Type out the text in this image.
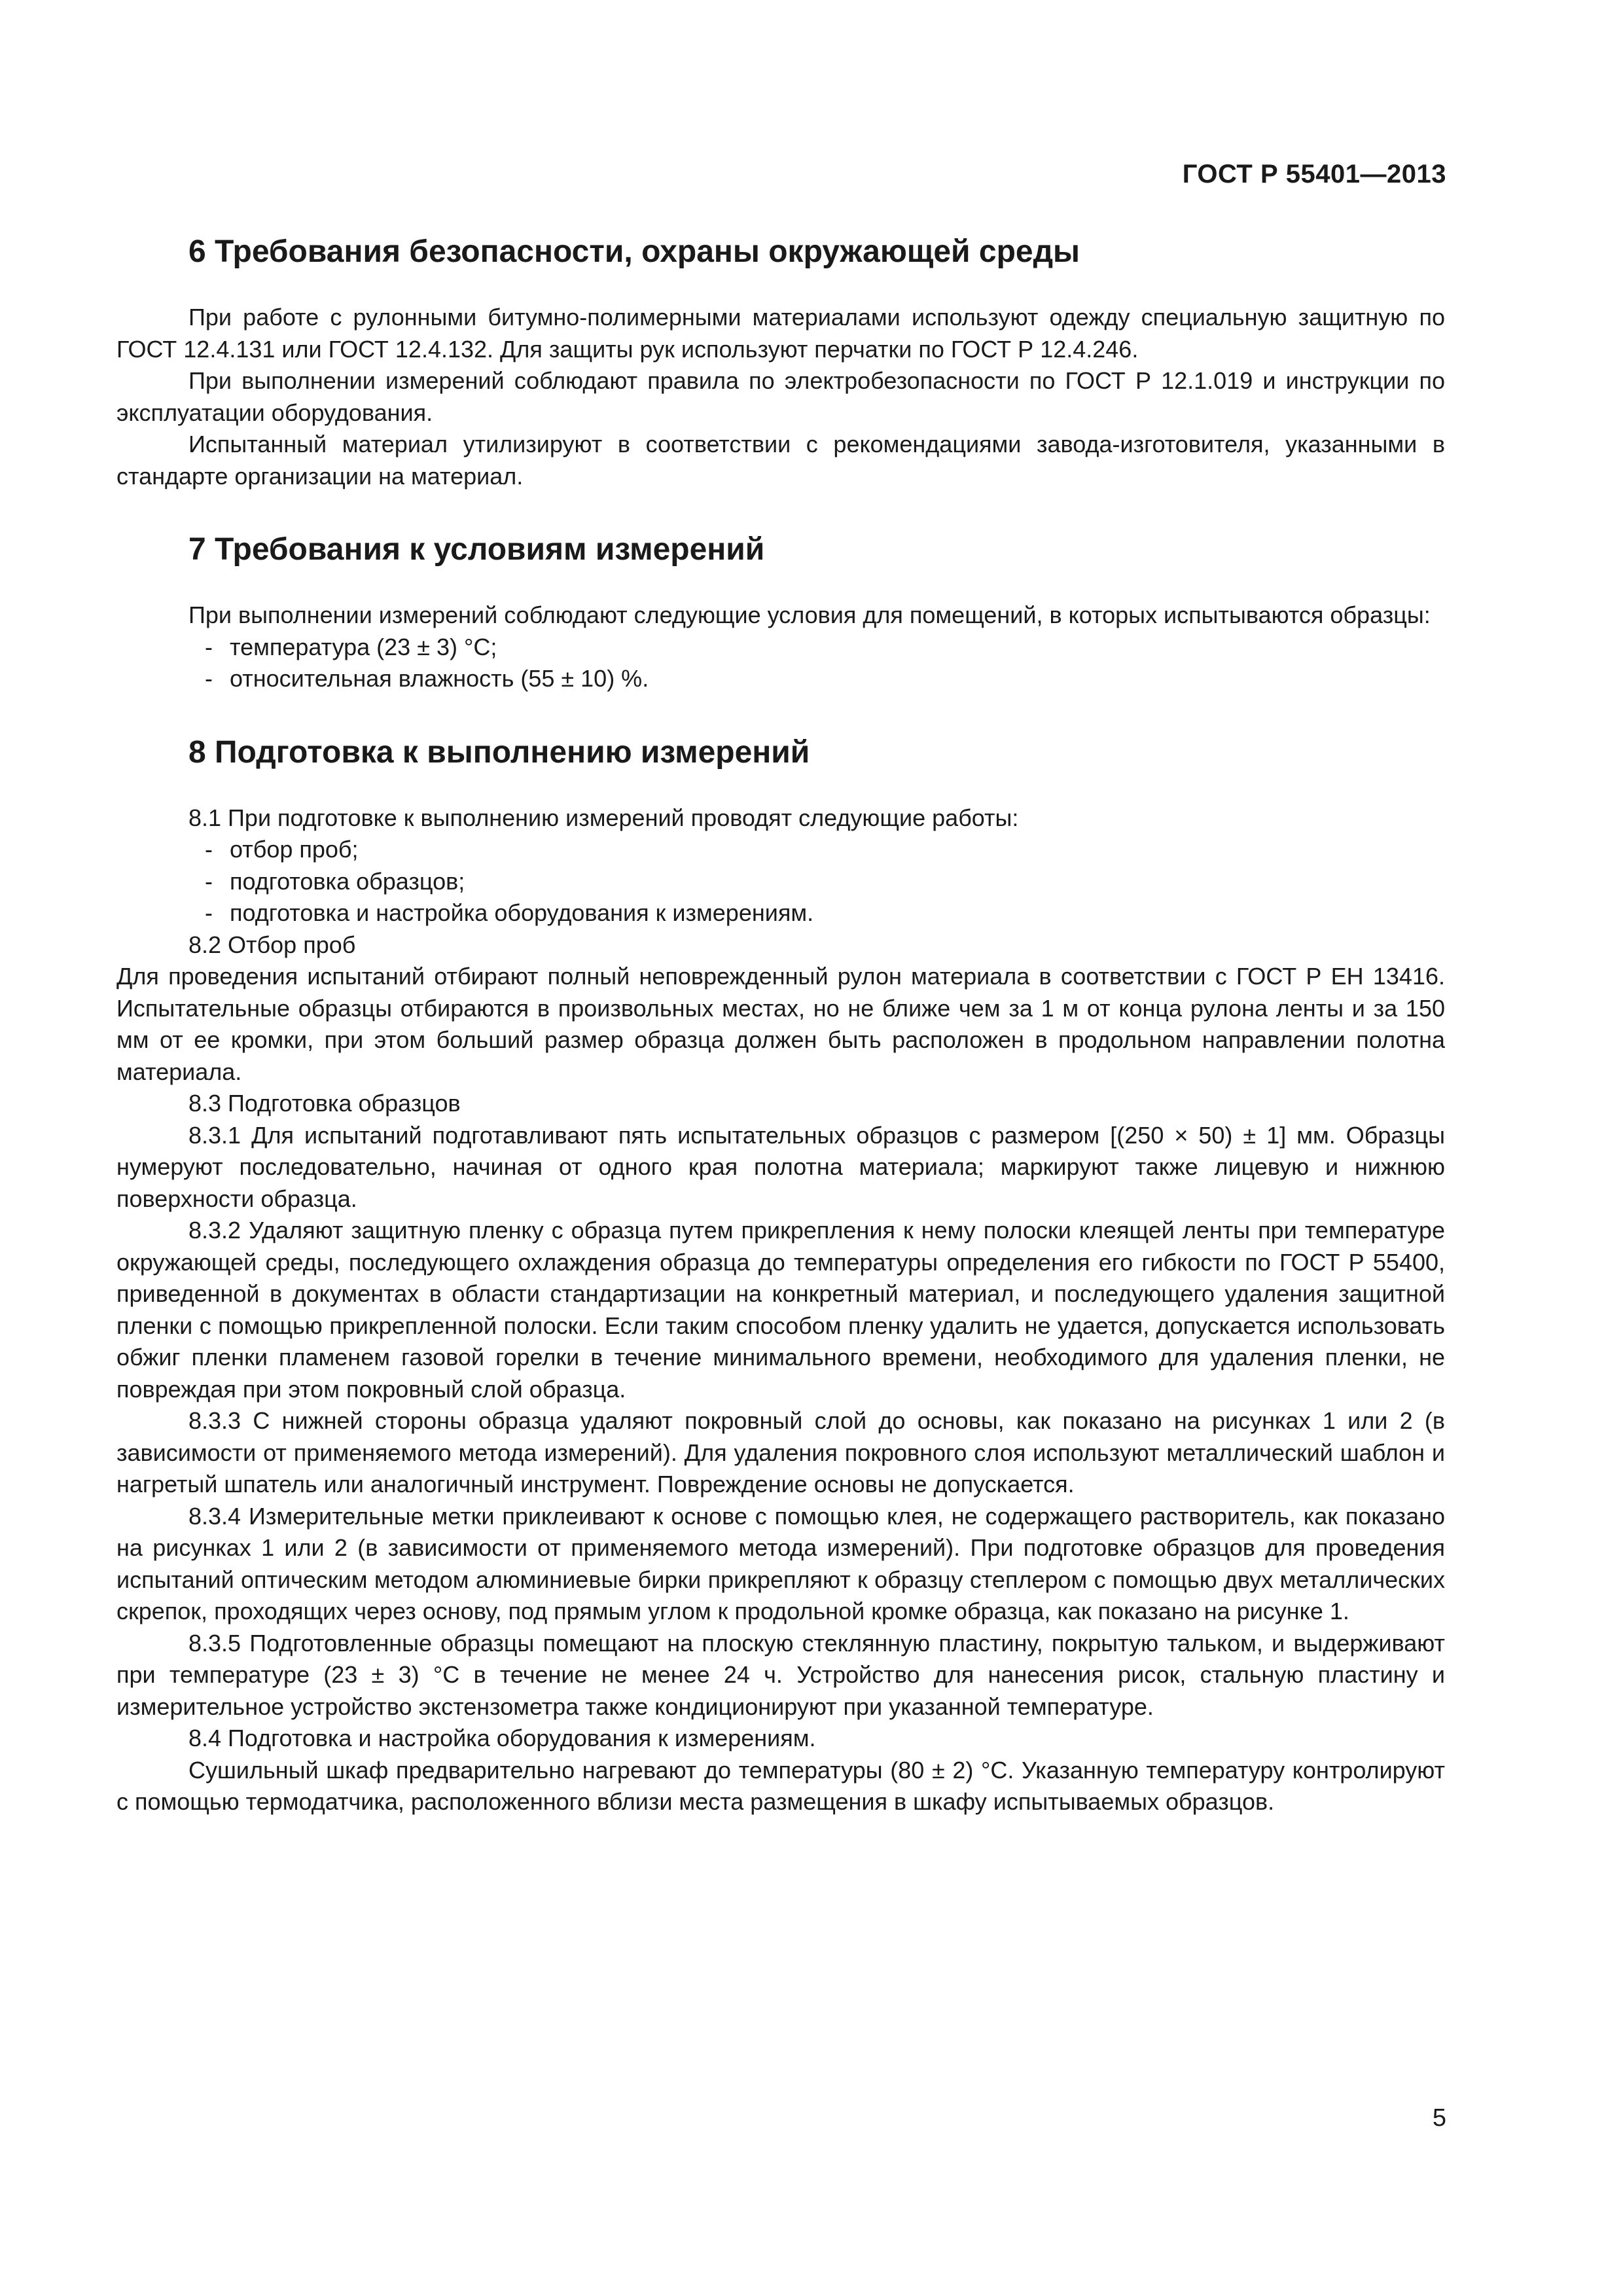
ГОСТ Р 55401—2013
6 Требования безопасности, охраны окружающей среды

При работе с рулонными битумно-полимерными материалами используют одежду специальную защитную по ГОСТ 12.4.131 или ГОСТ 12.4.132. Для защиты рук используют перчатки по ГОСТ Р 12.4.246.

При выполнении измерений соблюдают правила по электробезопасности по ГОСТ Р 12.1.019 и инструкции по эксплуатации оборудования.

Испытанный материал утилизируют в соответствии с рекомендациями завода-изготовителя, указанными в стандарте организации на материал.

7 Требования к условиям измерений

При выполнении измерений соблюдают следующие условия для помещений, в которых испытываются образцы:

- температура (23 ± 3) °С;

- относительная влажность (55 ± 10) %.

8 Подготовка к выполнению измерений

8.1 При подготовке к выполнению измерений проводят следующие работы:

- отбор проб;

- подготовка образцов;

- подготовка и настройка оборудования к измерениям.

8.2 Отбор проб

Для проведения испытаний отбирают полный неповрежденный рулон материала в соответствии с ГОСТ Р ЕН 13416. Испытательные образцы отбираются в произвольных местах, но не ближе чем за 1 м от конца рулона ленты и за 150 мм от ее кромки, при этом больший размер образца должен быть расположен в продольном направлении полотна материала.

8.3 Подготовка образцов

8.3.1 Для испытаний подготавливают пять испытательных образцов с размером [(250 × 50) ± 1] мм. Образцы нумеруют последовательно, начиная от одного края полотна материала; маркируют также лицевую и нижнюю поверхности образца.

8.3.2 Удаляют защитную пленку с образца путем прикрепления к нему полоски клеящей ленты при температуре окружающей среды, последующего охлаждения образца до температуры определения его гибкости по ГОСТ Р 55400, приведенной в документах в области стандартизации на конкретный материал, и последующего удаления защитной пленки с помощью прикрепленной полоски. Если таким способом пленку удалить не удается, допускается использовать обжиг пленки пламенем газовой горелки в течение минимального времени, необходимого для удаления пленки, не повреждая при этом покровный слой образца.

8.3.3 С нижней стороны образца удаляют покровный слой до основы, как показано на рисунках 1 или 2 (в зависимости от применяемого метода измерений). Для удаления покровного слоя используют металлический шаблон и нагретый шпатель или аналогичный инструмент. Повреждение основы не допускается.

8.3.4 Измерительные метки приклеивают к основе с помощью клея, не содержащего растворитель, как показано на рисунках 1 или 2 (в зависимости от применяемого метода измерений). При подготовке образцов для проведения испытаний оптическим методом алюминиевые бирки прикрепляют к образцу степлером с помощью двух металлических скрепок, проходящих через основу, под прямым углом к продольной кромке образца, как показано на рисунке 1.

8.3.5 Подготовленные образцы помещают на плоскую стеклянную пластину, покрытую тальком, и выдерживают при температуре (23 ± 3) °С в течение не менее 24 ч. Устройство для нанесения рисок, стальную пластину и измерительное устройство экстензометра также кондиционируют при указанной температуре.

8.4 Подготовка и настройка оборудования к измерениям.

Сушильный шкаф предварительно нагревают до температуры (80 ± 2) °С. Указанную температуру контролируют с помощью термодатчика, расположенного вблизи места размещения в шкафу испытываемых образцов.

5
